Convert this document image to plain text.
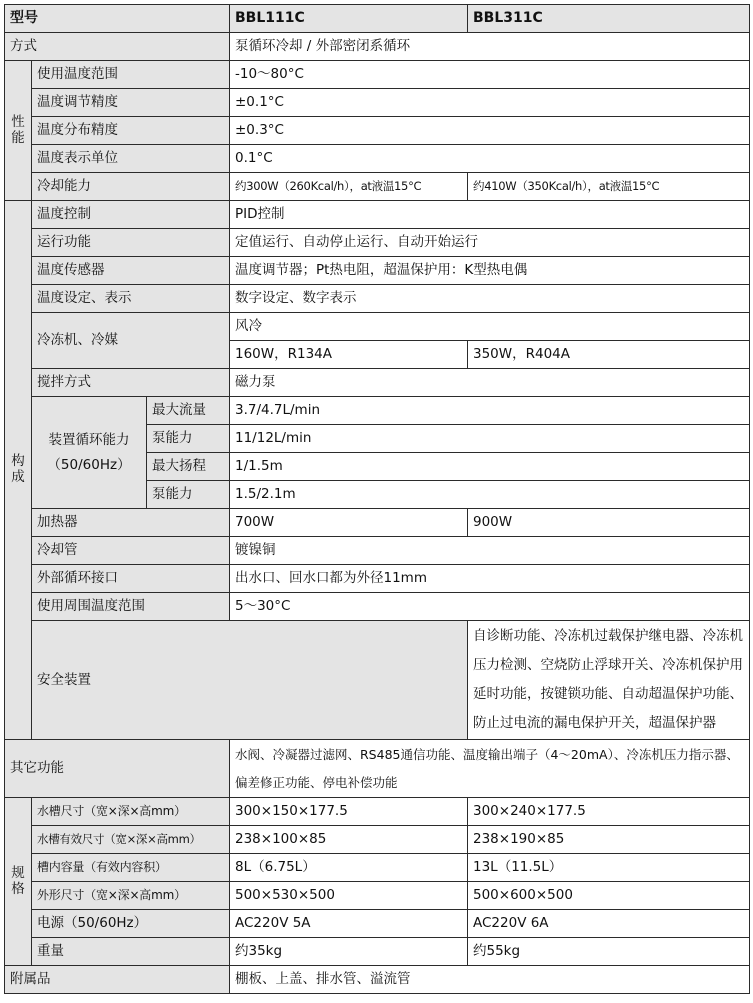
型号			BBL111C	BBL311C
方式			泵循环冷却 / 外部密闭系循环	

性
能	使用温度范围		-10～80°C	
	温度调节精度		±0.1°C	
	温度分布精度		±0.3°C	
	温度表示单位		0.1°C	
	冷却能力		约300W（260Kcal/h），at液温15°C	约410W（350Kcal/h），at液温15°C

构
成	温度控制		PID控制	
	运行功能		定值运行、自动停止运行、自动开始运行	
	温度传感器		温度调节器；Pt热电阻，超温保护用：K型热电偶	
	温度设定、表示		数字设定、数字表示	
	冷冻机、冷媒		风冷	
			160W，R134A	350W，R404A
	搅拌方式		磁力泵	

	装置循环能力
（50/60Hz）	最大流量	3.7/4.7L/min	
		泵能力	11/12L/min	
		最大扬程	1/1.5m	
		泵能力	1.5/2.1m	
	加热器		700W	900W
	冷却管		镀镍铜	
	外部循环接口		出水口、回水口都为外径11mm	
	使用周围温度范围		5～30°C	
	安全装置			自诊断功能、冷冻机过载保护继电器、冷冻机压力检测、空烧防止浮球开关、冷冻机保护用延时功能，按键锁功能、自动超温保护功能、防止过电流的漏电保护开关，超温保护器
其它功能			水阀、冷凝器过滤网、RS485通信功能、温度输出端子（4～20mA）、冷冻机压力指示器、偏差修正功能、停电补偿功能	

规
格	水槽尺寸（宽×深×高mm）		300×150×177.5	300×240×177.5
	水槽有效尺寸（宽×深×高mm）		238×100×85	238×190×85
	槽内容量（有效内容积）		8L（6.75L）	13L（11.5L）
	外形尺寸（宽×深×高mm）		500×530×500	500×600×500
	电源（50/60Hz）		AC220V 5A	AC220V 6A
	重量		约35kg	约55kg
附属品			棚板、上盖、排水管、溢流管	
